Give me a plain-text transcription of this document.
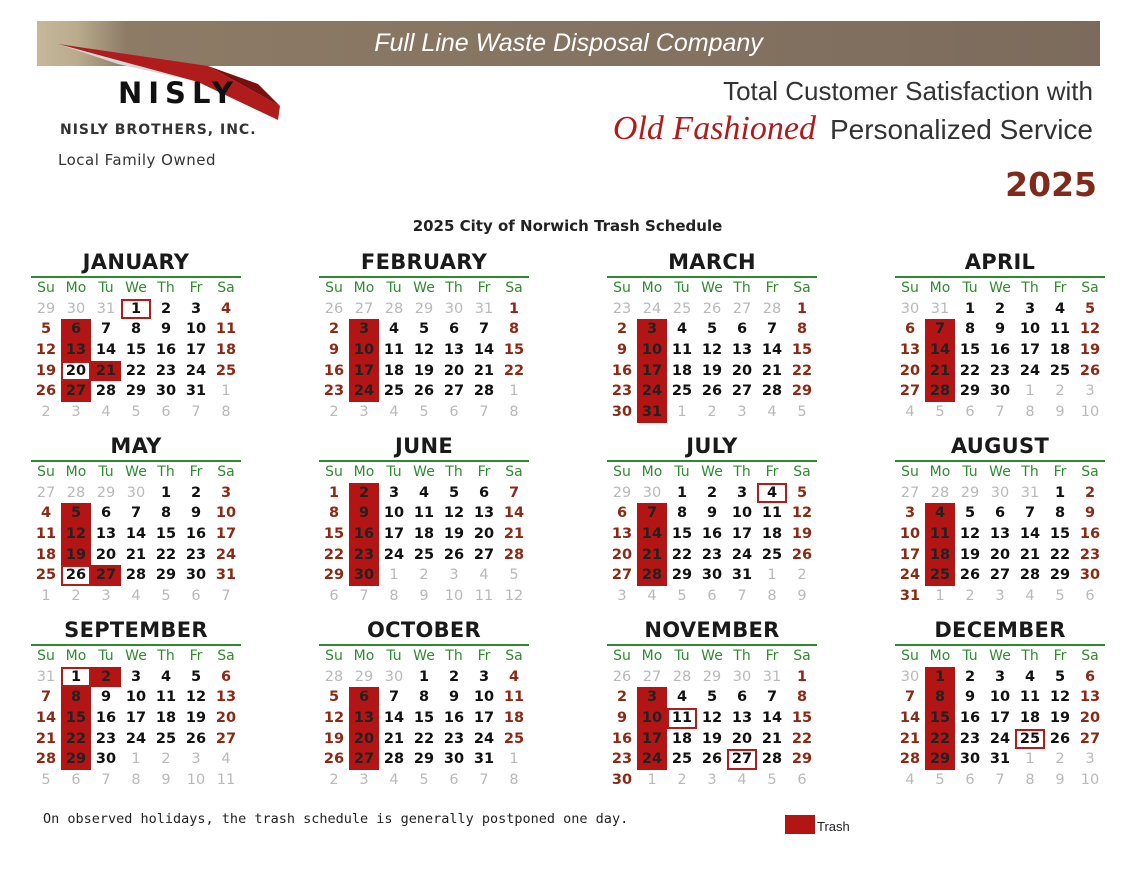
Full Line Waste Disposal Company
NISLY
NISLY BROTHERS, INC.
Local Family Owned
Total Customer Satisfaction with
Old Fashioned Personalized Service
2025
2025 City of Norwich Trash Schedule
JANUARY
Su Mo Tu We Th	Fr	Sa
29 30 31	1	2	3	4
5	6	7	8	9	10 11
12 13 14 15 16 17 18
19 20 21 22 23 24 25
26 27 28 29 30 31	1
2	3	4	5	6	7	8
FEBRUARY
Su Mo Tu We Th	Fr	Sa
26 27 28 29 30 31	1
2	3	4	5	6	7	8
9	10 11 12 13 14 15
16 17 18 19 20 21 22
23 24 25 26 27 28	1
2	3	4	5	6	7	8
MARCH
Su Mo Tu We Th	Fr	Sa
23 24 25 26 27 28	1
2	3	4	5	6	7	8
9	10 11 12 13 14 15
16 17 18 19 20 21 22
23 24 25 26 27 28 29
30 31	1	2	3	4	5
APRIL
Su Mo Tu We Th	Fr	Sa
30 31	1	2	3	4	5
6	7	8	9	10 11 12
13 14 15 16 17 18 19
20 21 22 23 24 25 26
27 28 29 30	1	2	3
4	5	6	7	8	9	10
MAY
Su Mo Tu We Th	Fr	Sa
27 28 29 30	1	2	3
4	5	6	7	8	9	10
11 12 13 14 15 16 17
18 19 20 21 22 23 24
25 26 27 28 29 30 31
1	2	3	4	5	6	7
JUNE
Su Mo Tu We Th	Fr	Sa
1	2	3	4	5	6	7
8	9	10 11 12 13 14
15 16 17 18 19 20 21
22 23 24 25 26 27 28
29 30	1	2	3	4	5
6	7	8	9	10 11 12
JULY
Su Mo Tu We Th	Fr	Sa
29 30	1	2	3	4	5
6	7	8	9	10 11 12
13 14 15 16 17 18 19
20 21 22 23 24 25 26
27 28 29 30 31	1	2
3	4	5	6	7	8	9
AUGUST
Su Mo Tu We Th	Fr	Sa
27 28 29 30 31	1	2
3	4	5	6	7	8	9
10 11 12 13 14 15 16
17 18 19 20 21 22 23
24 25 26 27 28 29 30
31	1	2	3	4	5	6
SEPTEMBER
Su Mo Tu We Th	Fr	Sa
31	1	2	3	4	5	6
7	8	9	10 11 12 13
14 15 16 17 18 19 20
21 22 23 24 25 26 27
28 29 30	1	2	3	4
5	6	7	8	9	10 11
OCTOBER
Su Mo Tu We Th	Fr	Sa
28 29 30	1	2	3	4
5	6	7	8	9	10 11
12 13 14 15 16 17 18
19 20 21 22 23 24 25
26 27 28 29 30 31	1
2	3	4	5	6	7	8
NOVEMBER
Su Mo Tu We Th	Fr	Sa
26 27 28 29 30 31	1
2	3	4	5	6	7	8
9	10 11 12 13 14 15
16 17 18 19 20 21 22
23 24 25 26 27 28 29
30	1	2	3	4	5	6
DECEMBER
Su Mo Tu We Th	Fr	Sa
30	1	2	3	4	5	6
7	8	9	10 11 12 13
14 15 16 17 18 19 20
21 22 23 24 25 26 27
28 29 30 31	1	2	3
4	5	6	7	8	9	10
On observed holidays, the trash schedule is generally postponed one day.	Trash
